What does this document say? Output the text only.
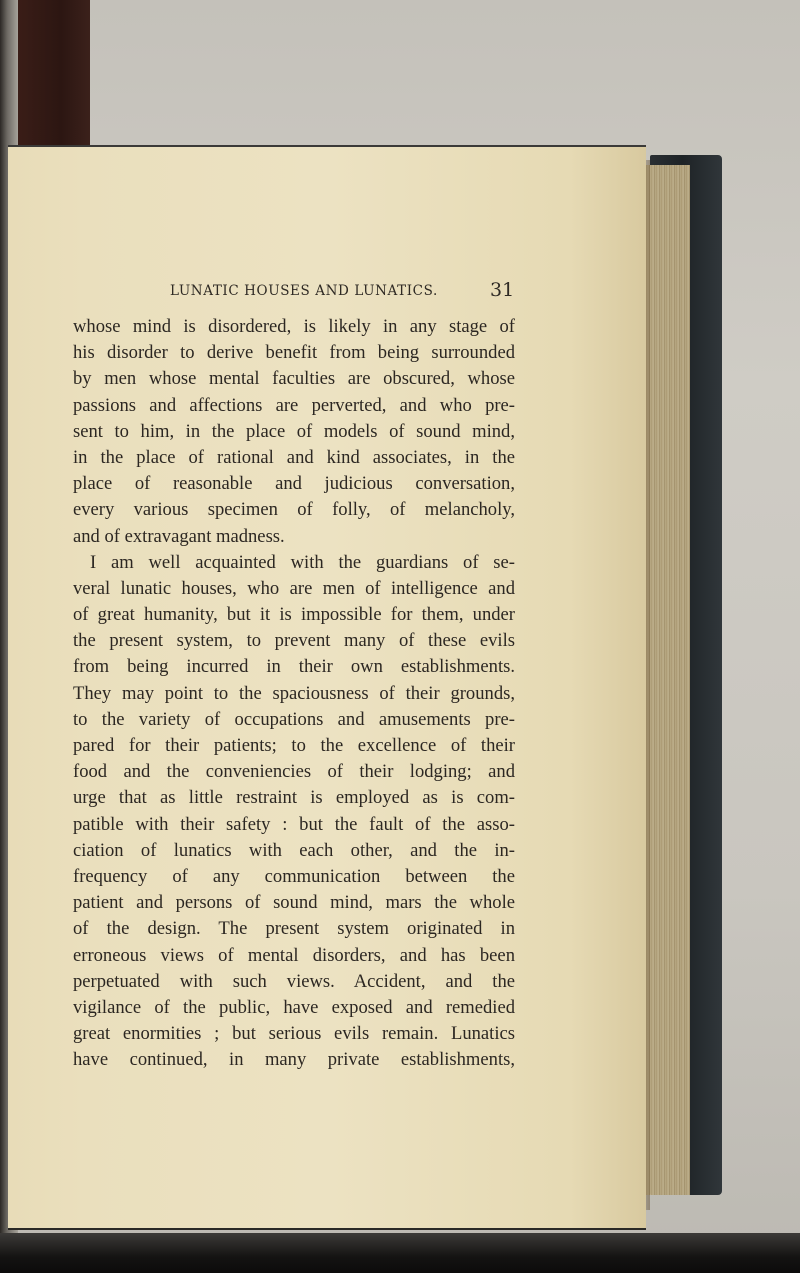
LUNATIC HOUSES AND LUNATICS.	31
whose mind is disordered, is likely in any stage of
his disorder to derive benefit from being surrounded
by men whose mental faculties are obscured, whose
passions and affections are perverted, and who pre-
sent to him, in the place of models of sound mind,
in the place of rational and kind associates, in the
place of reasonable and judicious conversation,
every various specimen of folly, of melancholy,
and of extravagant madness.
I am well acquainted with the guardians of se-
veral lunatic houses, who are men of intelligence and
of great humanity, but it is impossible for them, under
the present system, to prevent many of these evils
from being incurred in their own establishments.
They may point to the spaciousness of their grounds,
to the variety of occupations and amusements pre-
pared for their patients; to the excellence of their
food and the conveniencies of their lodging; and
urge that as little restraint is employed as is com-
patible with their safety : but the fault of the asso-
ciation of lunatics with each other, and the in-
frequency of any communication between the
patient and persons of sound mind, mars the whole
of the design. The present system originated in
erroneous views of mental disorders, and has been
perpetuated with such views. Accident, and the
vigilance of the public, have exposed and remedied
great enormities ; but serious evils remain. Lunatics
have continued, in many private establishments,
